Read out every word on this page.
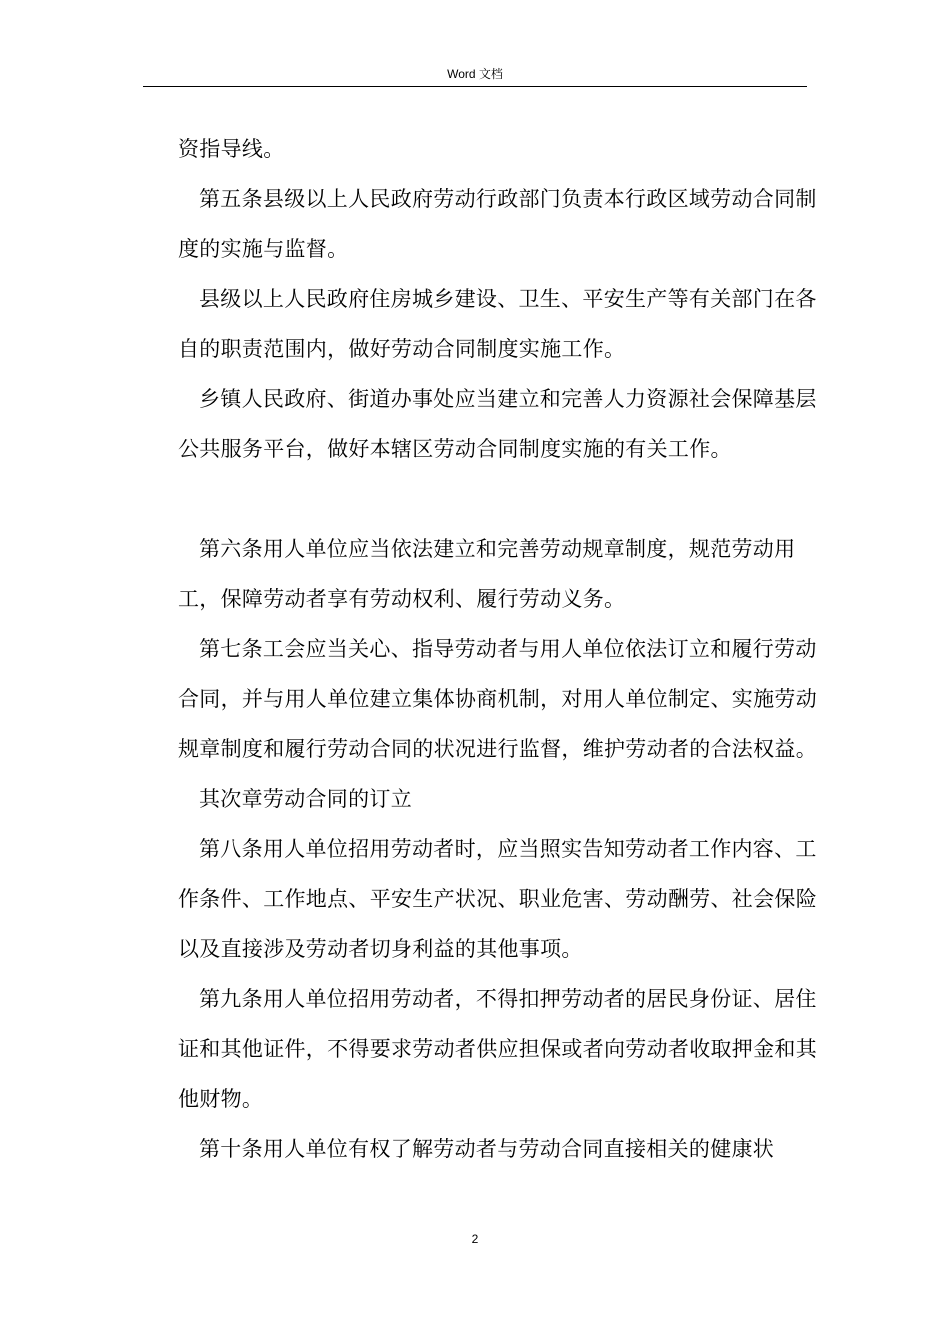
Word 文档

资指导线。

第五条县级以上人民政府劳动行政部门负责本行政区域劳动合同制度的实施与监督。

县级以上人民政府住房城乡建设、卫生、平安生产等有关部门在各自的职责范围内，做好劳动合同制度实施工作。

乡镇人民政府、街道办事处应当建立和完善人力资源社会保障基层公共服务平台，做好本辖区劳动合同制度实施的有关工作。

第六条用人单位应当依法建立和完善劳动规章制度，规范劳动用工，保障劳动者享有劳动权利、履行劳动义务。

第七条工会应当关心、指导劳动者与用人单位依法订立和履行劳动合同，并与用人单位建立集体协商机制，对用人单位制定、实施劳动规章制度和履行劳动合同的状况进行监督，维护劳动者的合法权益。

其次章劳动合同的订立

第八条用人单位招用劳动者时，应当照实告知劳动者工作内容、工作条件、工作地点、平安生产状况、职业危害、劳动酬劳、社会保险以及直接涉及劳动者切身利益的其他事项。

第九条用人单位招用劳动者，不得扣押劳动者的居民身份证、居住证和其他证件，不得要求劳动者供应担保或者向劳动者收取押金和其他财物。

第十条用人单位有权了解劳动者与劳动合同直接相关的健康状

2
